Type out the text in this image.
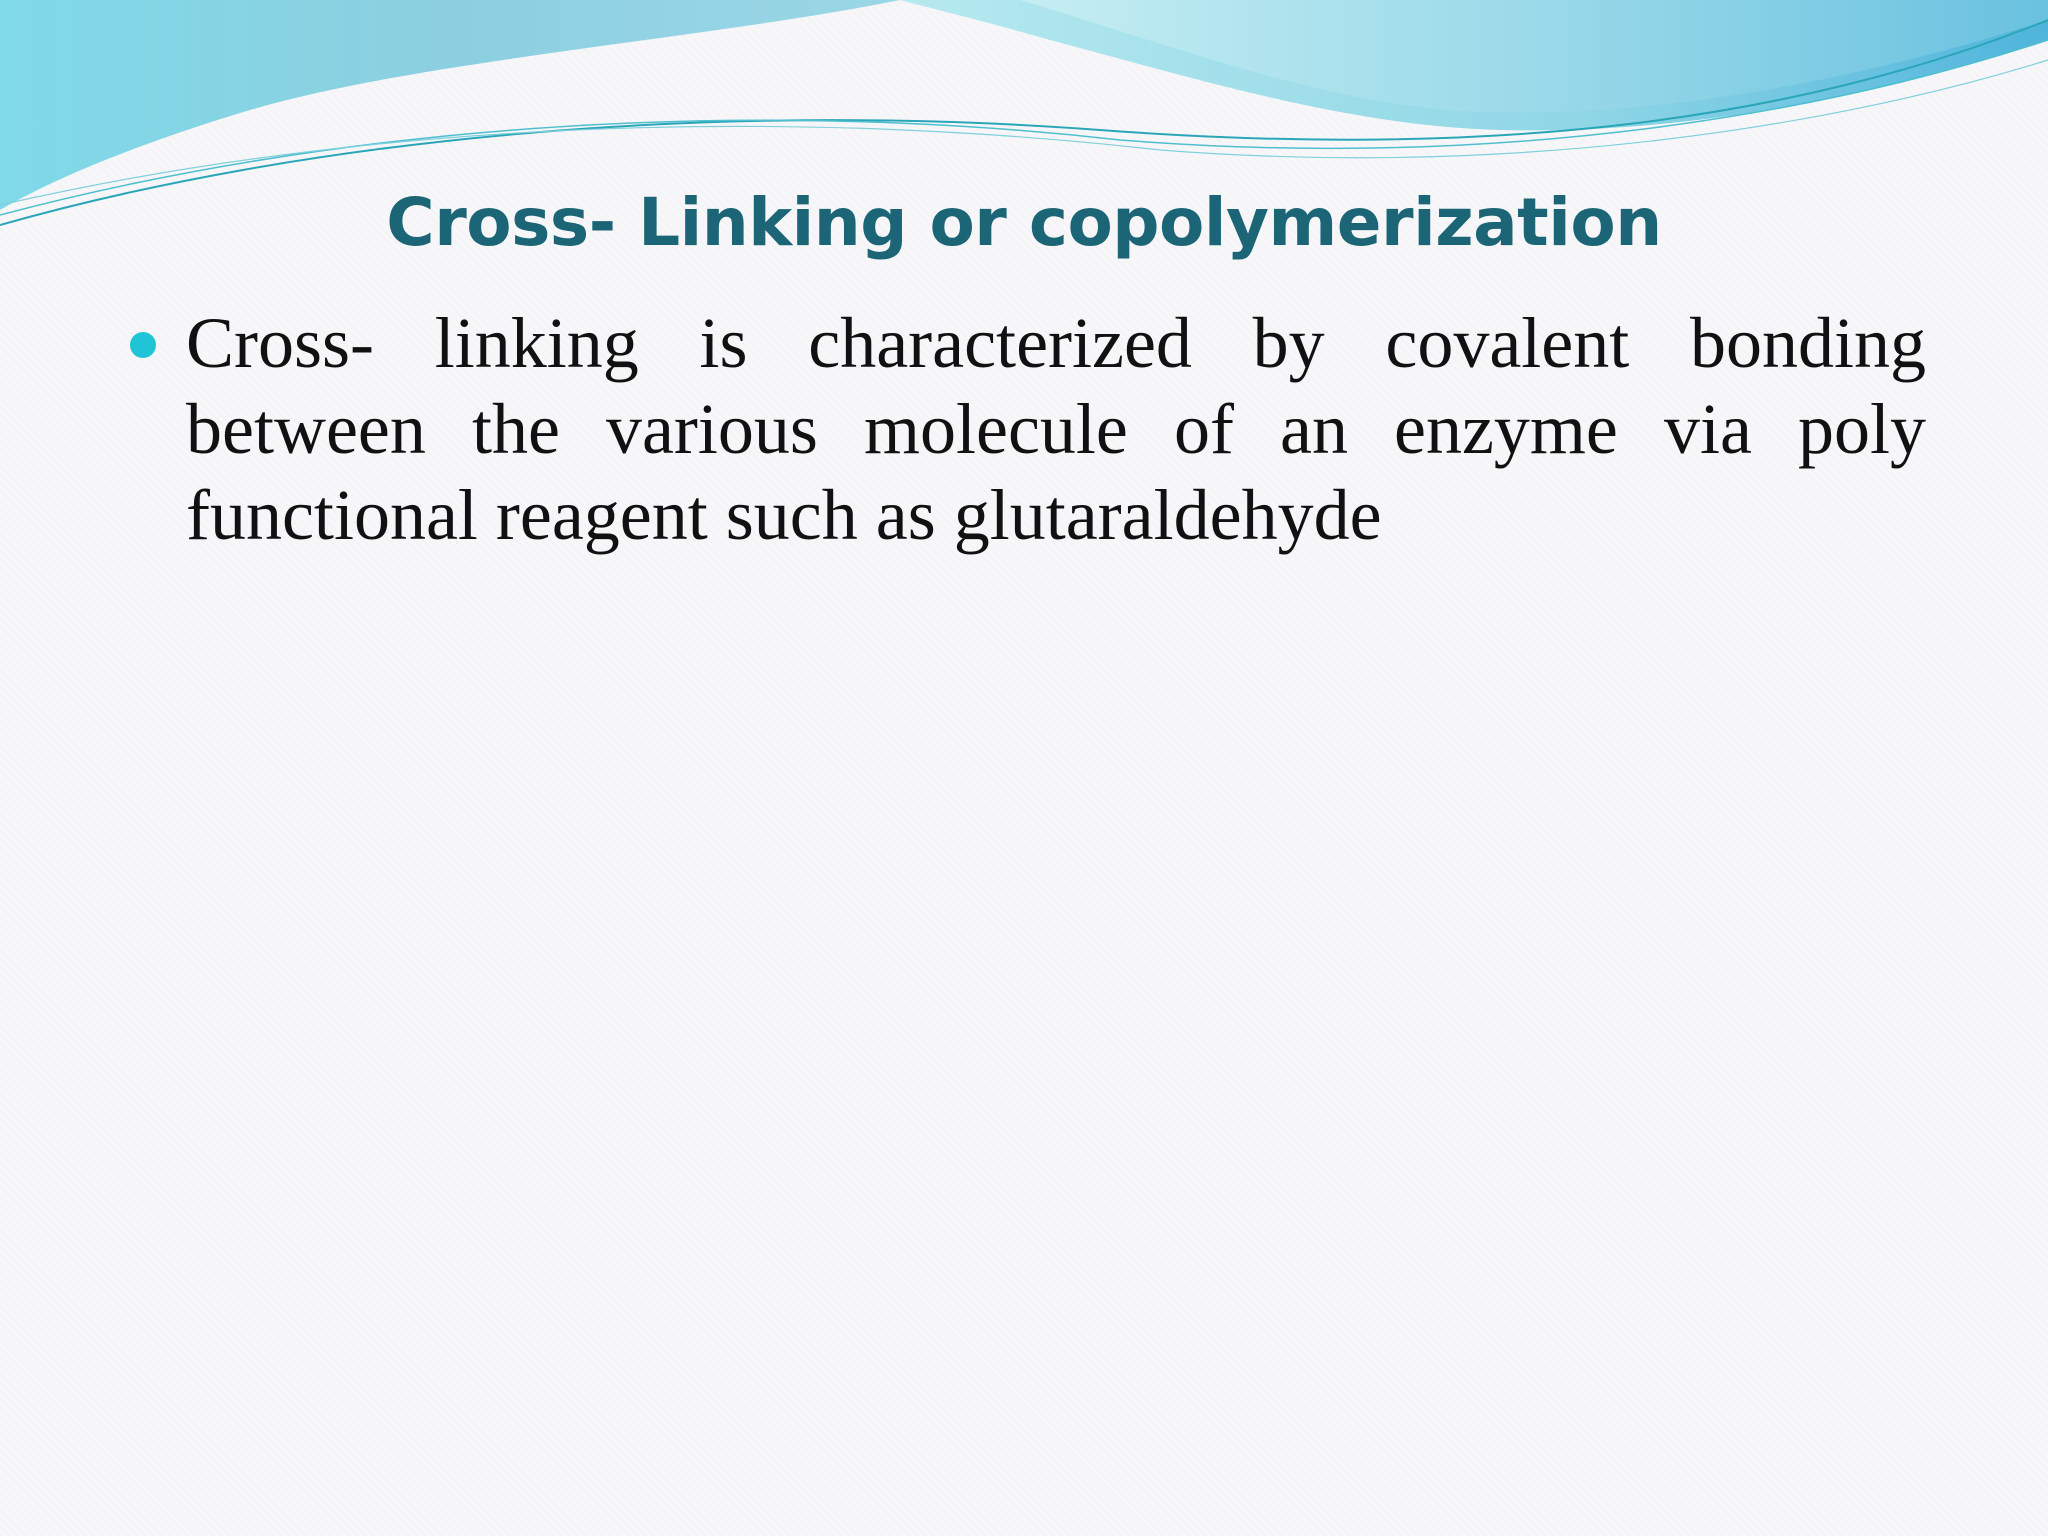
Cross- Linking or copolymerization
Cross- linking is characterized by covalent bonding between the various molecule of an enzyme via poly functional reagent such as glutaraldehyde
